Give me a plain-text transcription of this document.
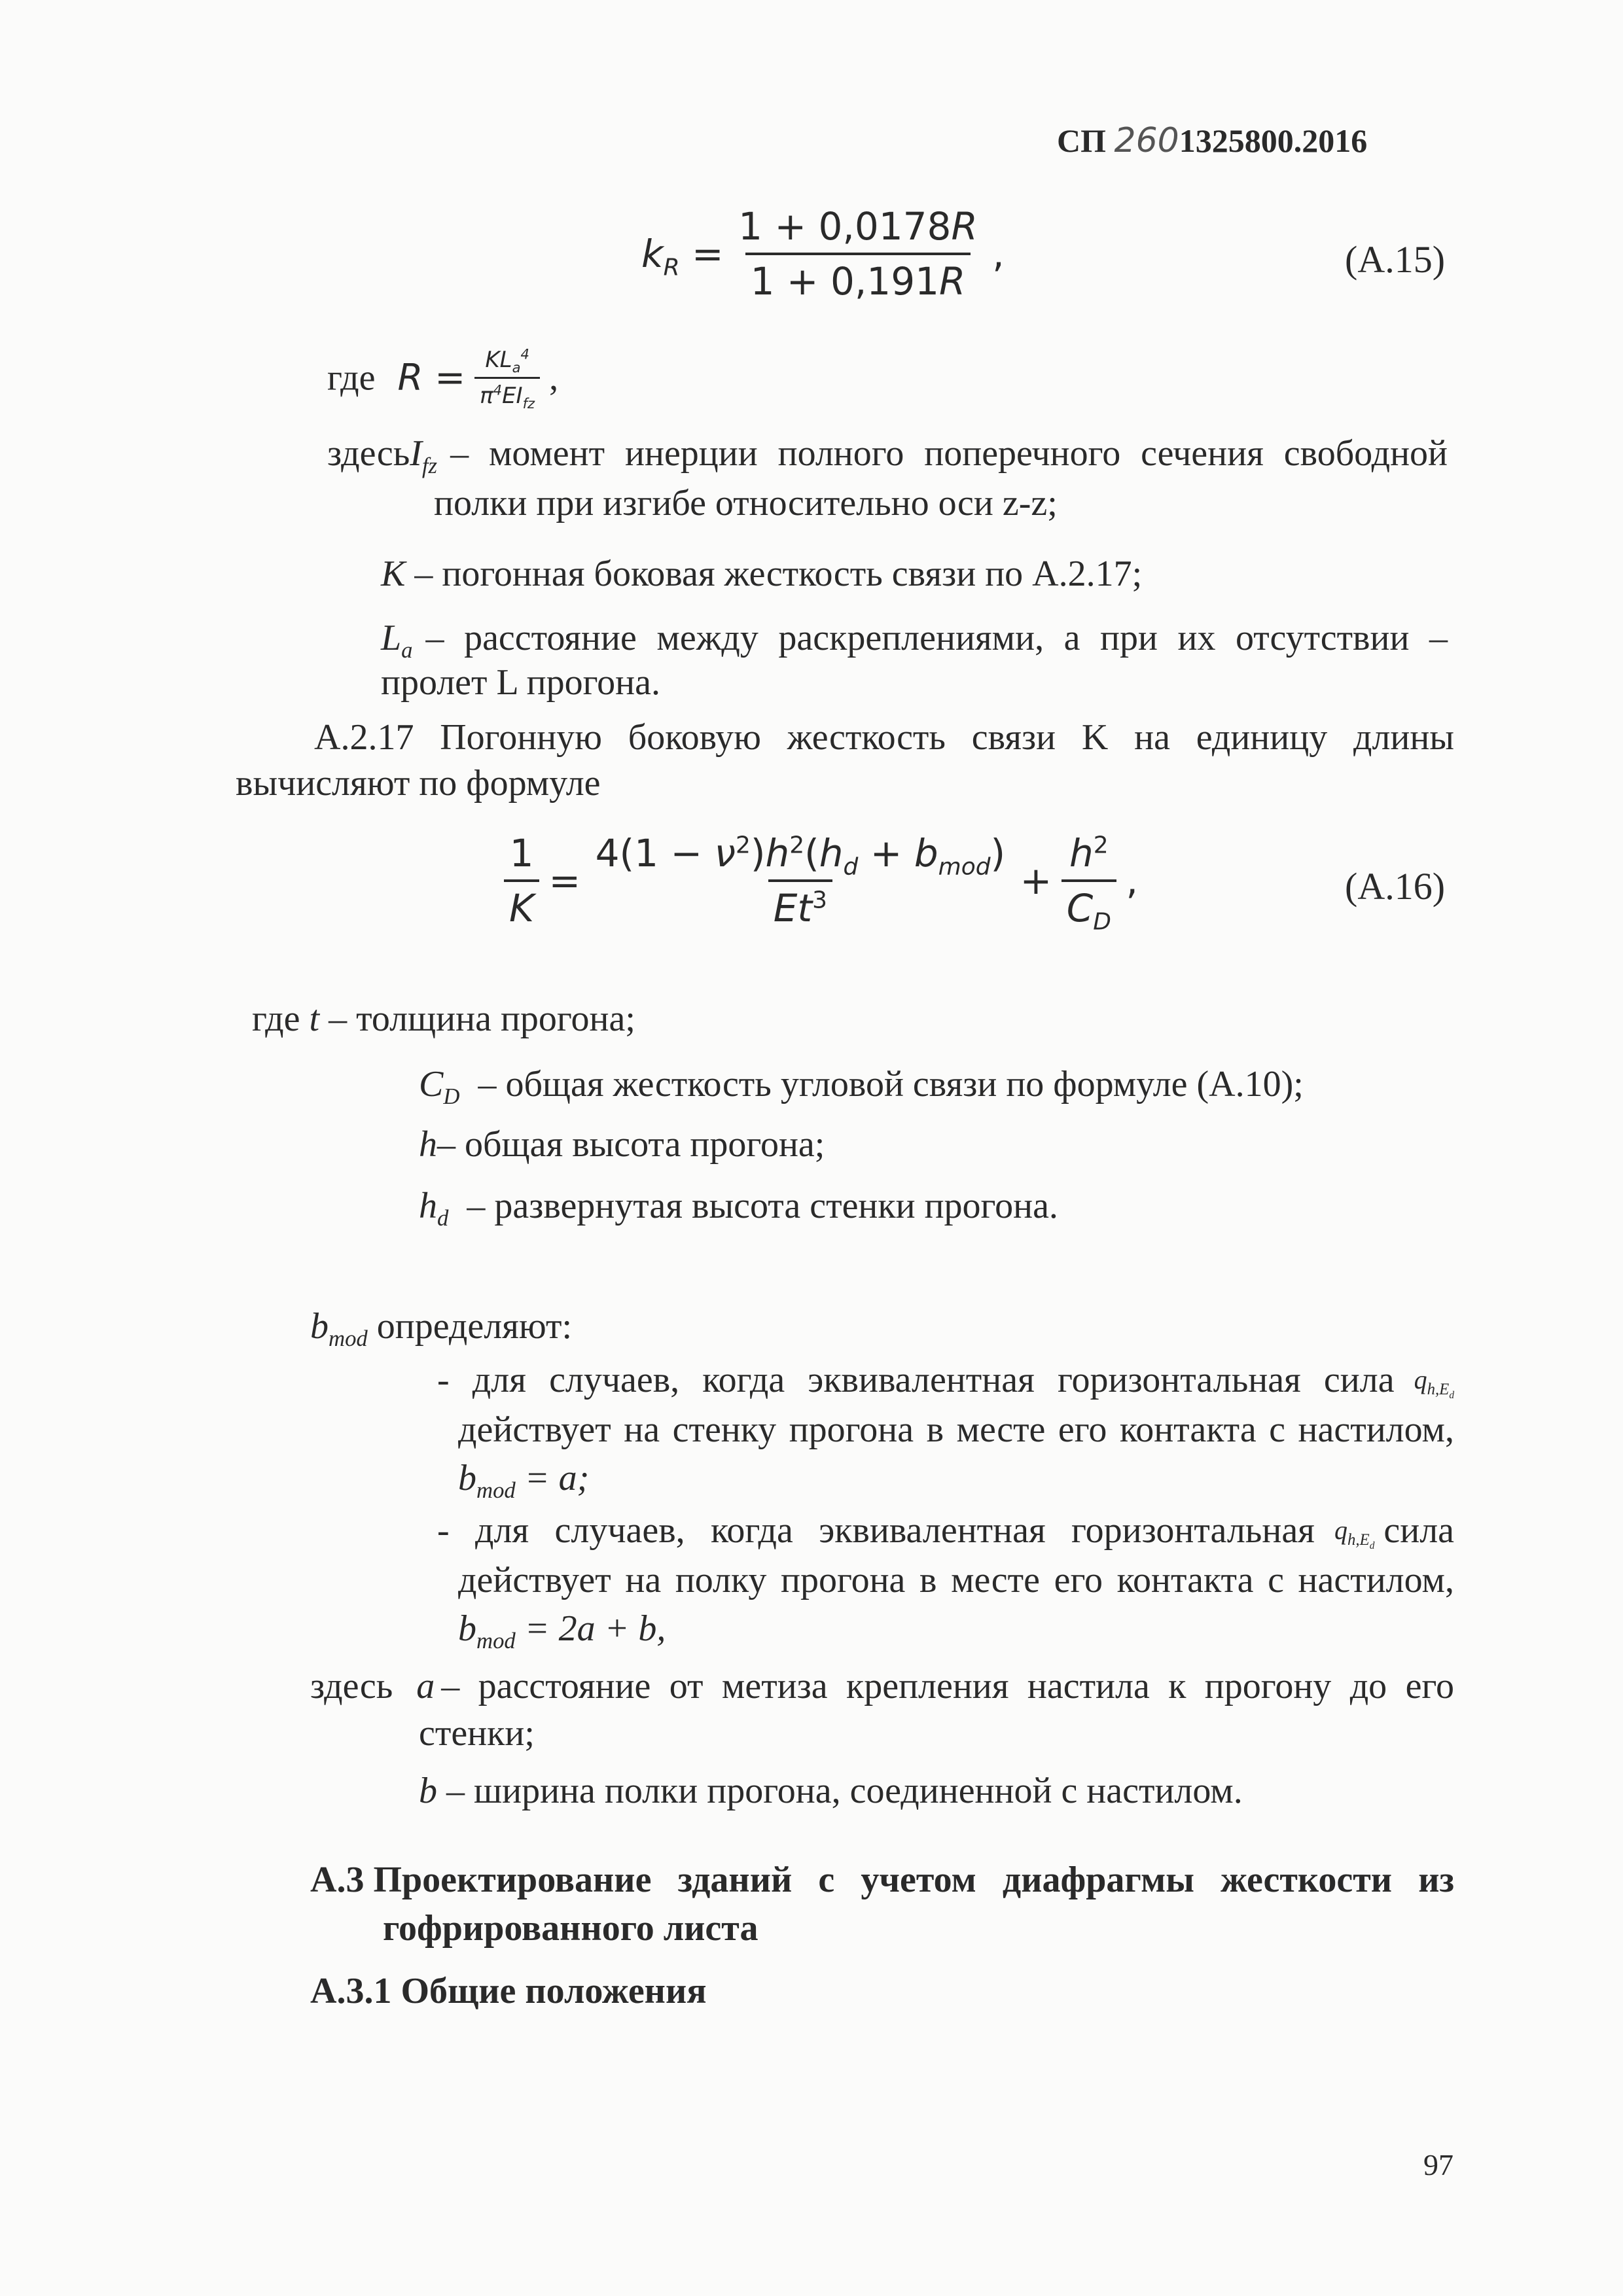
СП 2601325800.2016
$k_R = \frac{1 + 0,0178R}{1 + 0,191R}$ ,	(А.15)
где $R = \frac{KL_a^4}{\pi^4EI_{fz}}$ ,
здесь $I_{fz}$ – момент инерции полного поперечного сечения свободной
полки при изгибе относительно оси z-z;
K – погонная боковая жесткость связи по А.2.17;
$L_a$ – расстояние между раскреплениями, а при их отсутствии –
пролет L прогона.
А.2.17 Погонную боковую жесткость связи K на единицу длины
вычисляют по формуле
$\frac{1}{K} = \frac{4(1 - \nu^2)h^2(h_d + b_{mod})}{Et^3} + \frac{h^2}{C_D}$ ,	(А.16)
где t – толщина прогона;
$C_D$ – общая жесткость угловой связи по формуле (А.10);
h– общая высота прогона;
$h_d$ – развернутая высота стенки прогона.
$b_{mod}$ определяют:
- для случаев, когда эквивалентная горизонтальная сила $q_{h,E_d}$
действует на стенку прогона в месте его контакта с настилом,
$b_{mod} = a$;
- для случаев, когда эквивалентная горизонтальная $q_{h,E_d}$ сила
действует на полку прогона в месте его контакта с настилом,
$b_{mod} = 2a + b$,
здесь a – расстояние от метиза крепления настила к прогону до его
стенки;
b – ширина полки прогона, соединенной с настилом.
А.3 Проектирование зданий с учетом диафрагмы жесткости из
гофрированного листа
А.3.1 Общие положения
97
